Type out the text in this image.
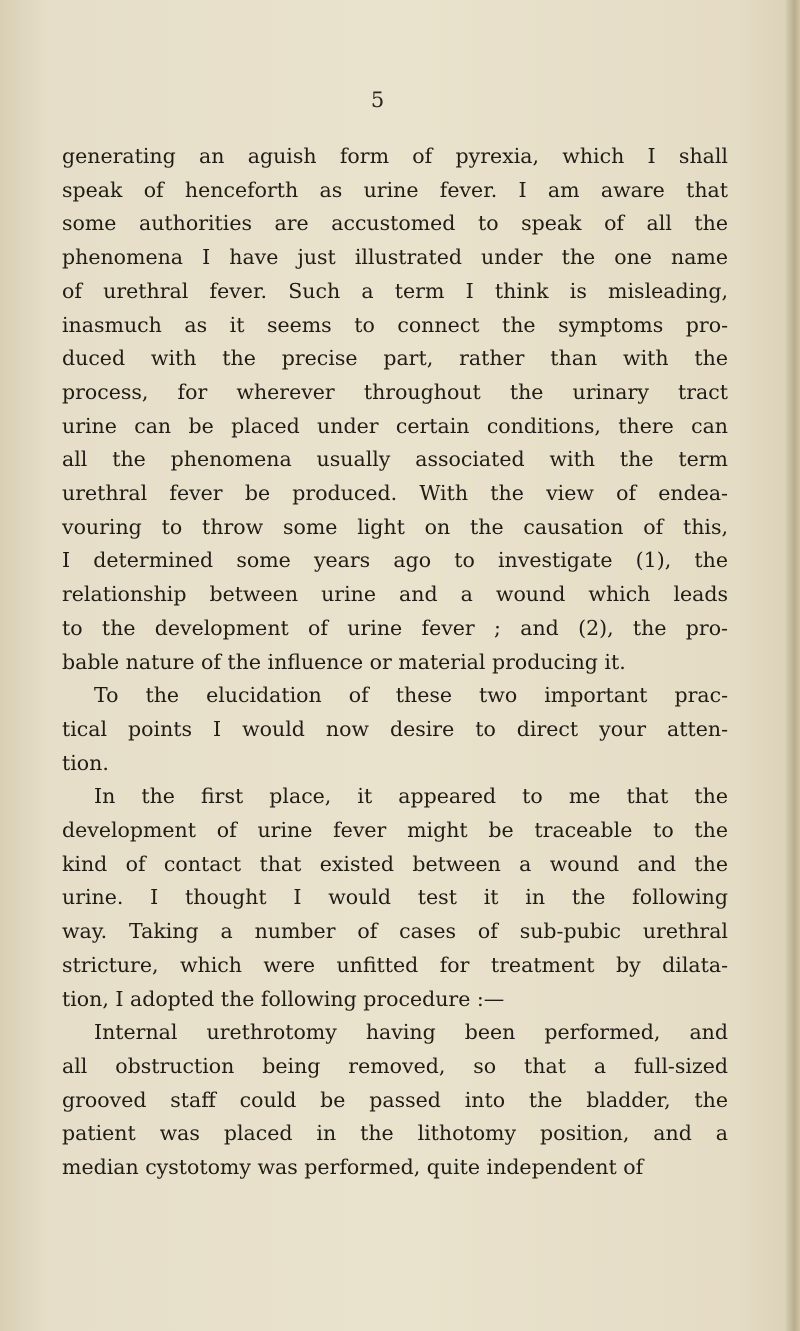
5

generating an aguish form of pyrexia, which I shall
speak of henceforth as urine fever. I am aware that
some authorities are accustomed to speak of all the
phenomena I have just illustrated under the one name
of urethral fever. Such a term I think is misleading,
inasmuch as it seems to connect the symptoms pro-
duced with the precise part, rather than with the
process, for wherever throughout the urinary tract
urine can be placed under certain conditions, there can
all the phenomena usually associated with the term
urethral fever be produced. With the view of endea-
vouring to throw some light on the causation of this,
I determined some years ago to investigate (1), the
relationship between urine and a wound which leads
to the development of urine fever ; and (2), the pro-
bable nature of the influence or material producing it.
To the elucidation of these two important prac-
tical points I would now desire to direct your atten-
tion.

In the first place, it appeared to me that the
development of urine fever might be traceable to the
kind of contact that existed between a wound and the
urine. I thought I would test it in the following
way. Taking a number of cases of sub-pubic urethral
stricture, which were unfitted for treatment by dilata-
tion, I adopted the following procedure :—

Internal urethrotomy having been performed, and
all obstruction being removed, so that a full-sized
grooved staff could be passed into the bladder, the
patient was placed in the lithotomy position, and a
median cystotomy was performed, quite independent of
